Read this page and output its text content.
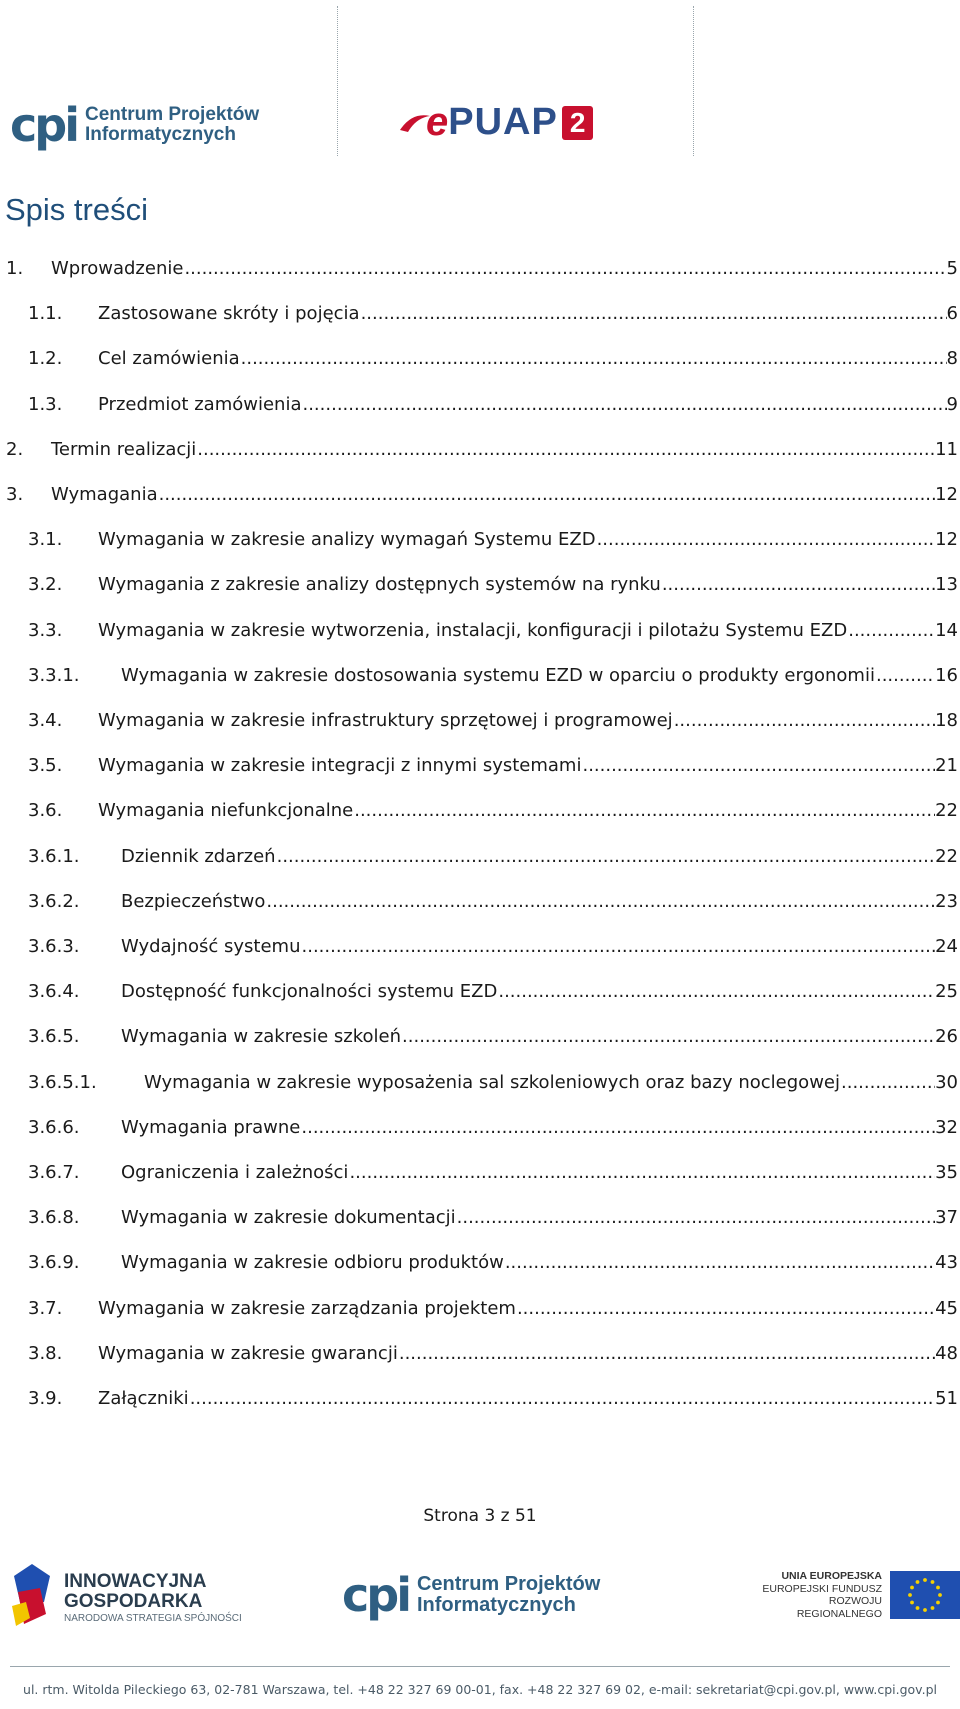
cpi Centrum Projektów
Informatycznych	e PUAP 2
Spis treści
1.	Wprowadzenie .....	5
1.1.	Zastosowane skróty i pojęcia .....	6
1.2.	Cel zamówienia .....	8
1.3.	Przedmiot zamówienia .....	9
2.	Termin realizacji .....	11
3.	Wymagania .....	12
3.1.	Wymagania w zakresie analizy wymagań Systemu EZD .....	12
3.2.	Wymagania z zakresie analizy dostępnych systemów na rynku .....	13
3.3.	Wymagania w zakresie wytworzenia, instalacji, konfiguracji i pilotażu Systemu EZD .....	14
3.3.1.	Wymagania w zakresie dostosowania systemu EZD w oparciu o produkty ergonomii .....	16
3.4.	Wymagania w zakresie infrastruktury sprzętowej i programowej .....	18
3.5.	Wymagania w zakresie integracji z innymi systemami .....	21
3.6.	Wymagania niefunkcjonalne .....	22
3.6.1.	Dziennik zdarzeń .....	22
3.6.2.	Bezpieczeństwo .....	23
3.6.3.	Wydajność systemu .....	24
3.6.4.	Dostępność funkcjonalności systemu EZD .....	25
3.6.5.	Wymagania w zakresie szkoleń .....	26
3.6.5.1.	Wymagania w zakresie wyposażenia sal szkoleniowych oraz bazy noclegowej .....	30
3.6.6.	Wymagania prawne .....	32
3.6.7.	Ograniczenia i zależności .....	35
3.6.8.	Wymagania w zakresie dokumentacji .....	37
3.6.9.	Wymagania w zakresie odbioru produktów .....	43
3.7.	Wymagania w zakresie zarządzania projektem .....	45
3.8.	Wymagania w zakresie gwarancji .....	48
3.9.	Załączniki .....	51
Strona 3 z 51
INNOWACYJNA
GOSPODARKA
NARODOWA STRATEGIA SPÓJNOŚCI cpi Centrum Projektów
Informatycznych
UNIA EUROPEJSKA
EUROPEJSKI FUNDUSZ
ROZWOJU REGIONALNEGO
ul. rtm. Witolda Pileckiego 63, 02-781 Warszawa, tel. +48 22 327 69 00-01, fax. +48 22 327 69 02, e-mail: sekretariat@cpi.gov.pl, www.cpi.gov.pl
